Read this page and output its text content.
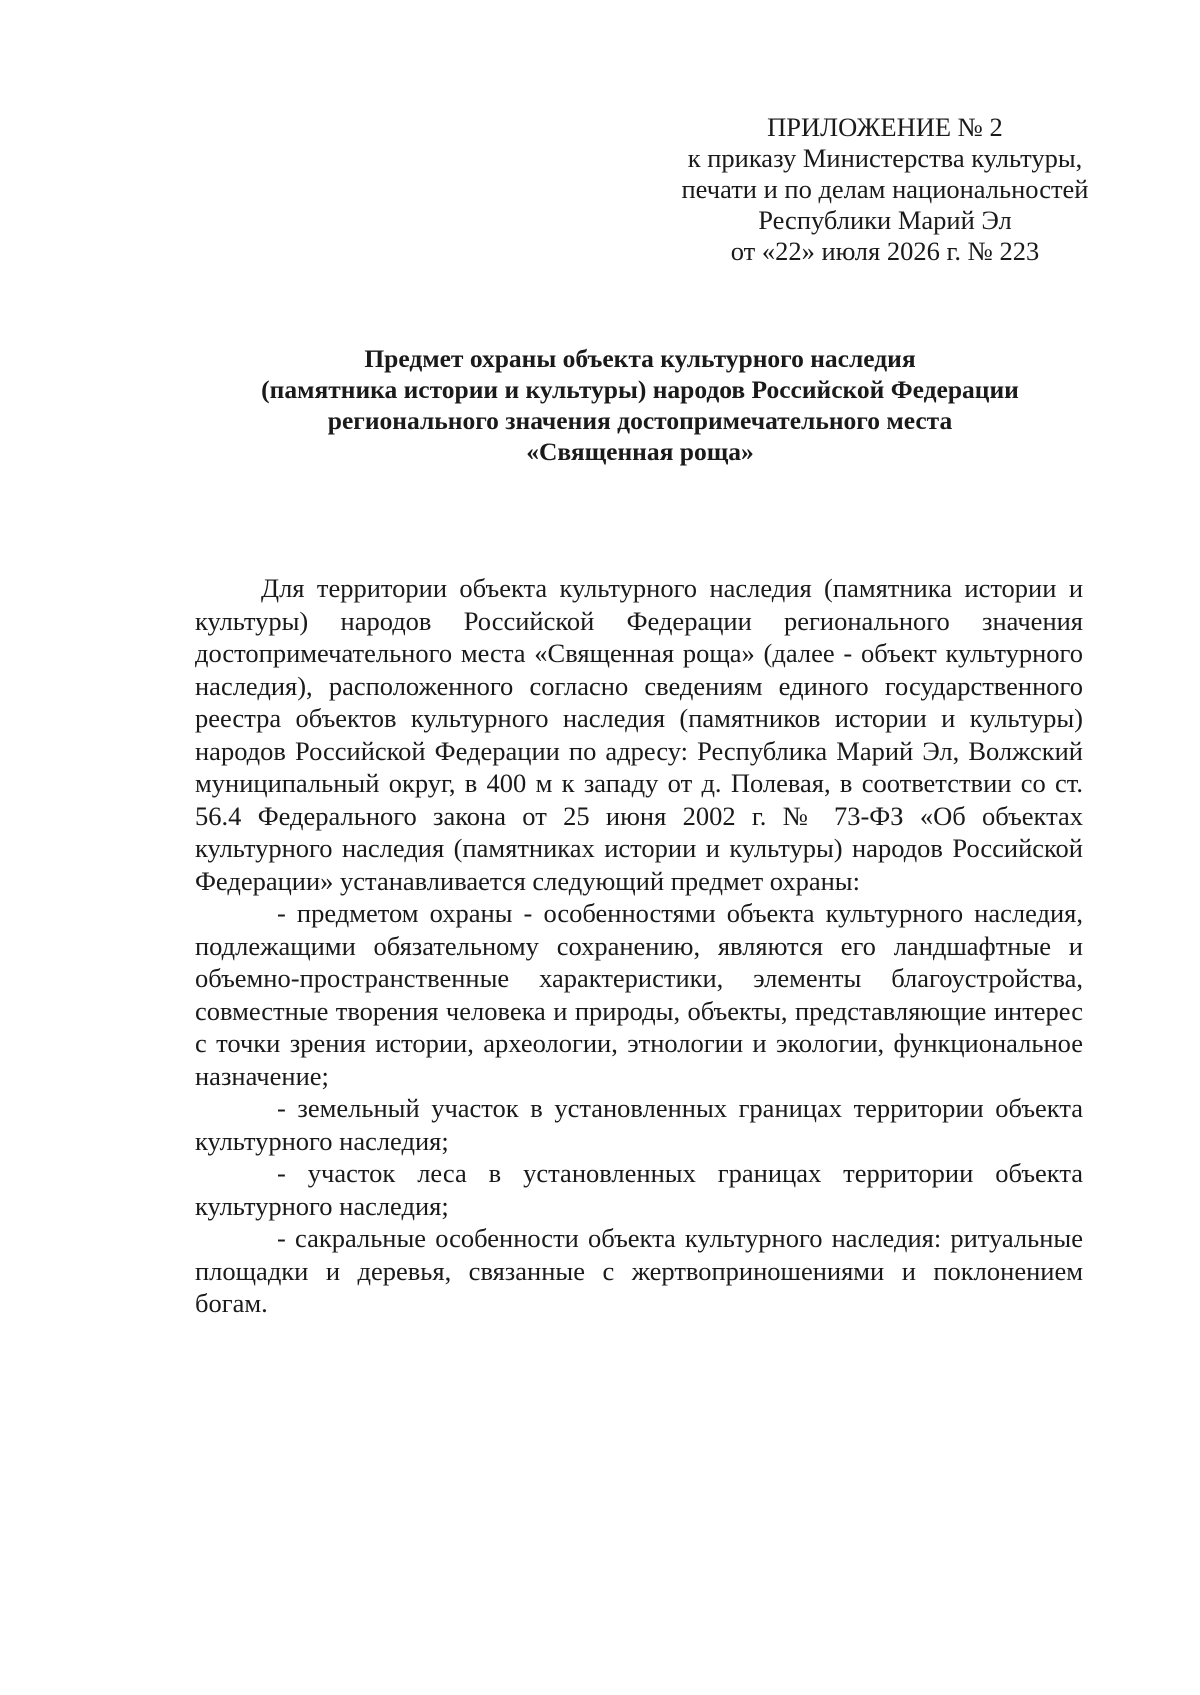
ПРИЛОЖЕНИЕ № 2
к приказу Министерства культуры,
печати и по делам национальностей
Республики Марий Эл
от «22» июля 2026 г. № 223
Предмет охраны объекта культурного наследия
(памятника истории и культуры) народов Российской Федерации
регионального значения достопримечательного места
«Священная роща»

Для территории объекта культурного наследия (памятника истории и культуры) народов Российской Федерации регионального значения достопримечательного места «Священная роща» (далее - объект культурного наследия), расположенного согласно сведениям единого государственного реестра объектов культурного наследия (памятников истории и культуры) народов Российской Федерации по адресу: Республика Марий Эл, Волжский муниципальный округ, в 400 м к западу от д. Полевая, в соответствии со ст. 56.4 Федерального закона от 25 июня 2002 г. № 73-ФЗ «Об объектах культурного наследия (памятниках истории и культуры) народов Российской Федерации» устанавливается следующий предмет охраны:

- предметом охраны - особенностями объекта культурного наследия, подлежащими обязательному сохранению, являются его ландшафтные и объемно-пространственные характеристики, элементы благоустройства, совместные творения человека и природы, объекты, представляющие интерес с точки зрения истории, археологии, этнологии и экологии, функциональное назначение;

- земельный участок в установленных границах территории объекта культурного наследия;

- участок леса в установленных границах территории объекта культурного наследия;

- сакральные особенности объекта культурного наследия: ритуальные площадки и деревья, связанные с жертвоприношениями и поклонением богам.
